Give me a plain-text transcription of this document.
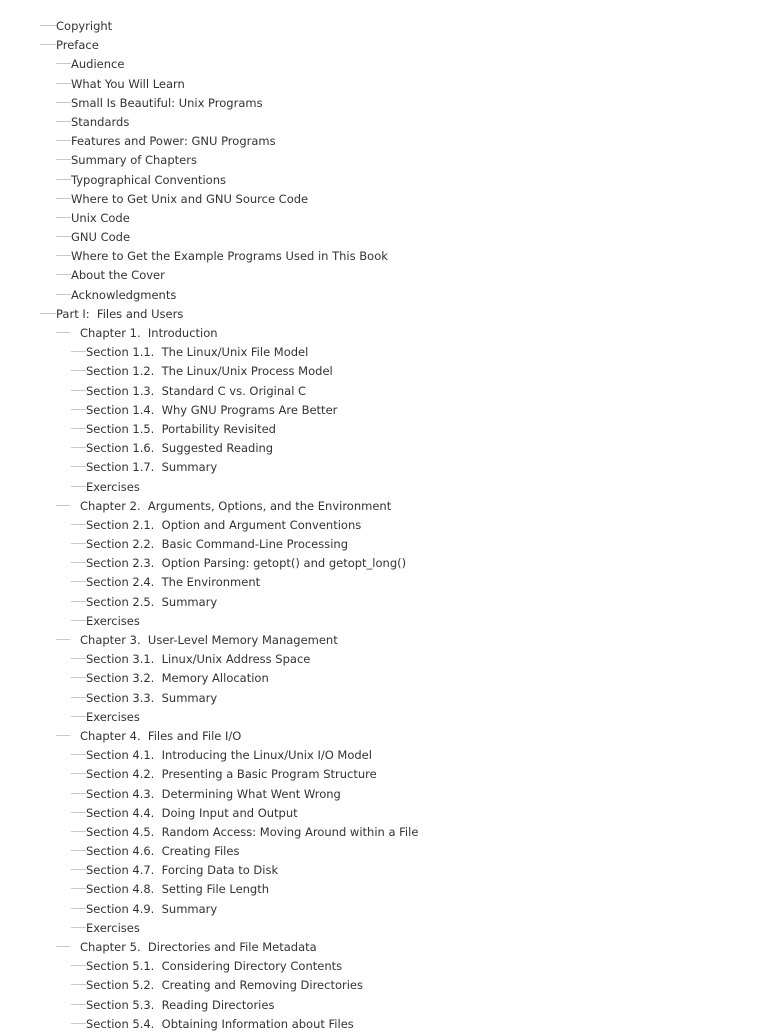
Copyright
Preface
Audience
What You Will Learn
Small Is Beautiful: Unix Programs
Standards
Features and Power: GNU Programs
Summary of Chapters
Typographical Conventions
Where to Get Unix and GNU Source Code
Unix Code
GNU Code
Where to Get the Example Programs Used in This Book
About the Cover
Acknowledgments
Part I:  Files and Users
Chapter 1.  Introduction
Section 1.1.  The Linux/Unix File Model
Section 1.2.  The Linux/Unix Process Model
Section 1.3.  Standard C vs. Original C
Section 1.4.  Why GNU Programs Are Better
Section 1.5.  Portability Revisited
Section 1.6.  Suggested Reading
Section 1.7.  Summary
Exercises
Chapter 2.  Arguments, Options, and the Environment
Section 2.1.  Option and Argument Conventions
Section 2.2.  Basic Command-Line Processing
Section 2.3.  Option Parsing: getopt() and getopt_long()
Section 2.4.  The Environment
Section 2.5.  Summary
Exercises
Chapter 3.  User-Level Memory Management
Section 3.1.  Linux/Unix Address Space
Section 3.2.  Memory Allocation
Section 3.3.  Summary
Exercises
Chapter 4.  Files and File I/O
Section 4.1.  Introducing the Linux/Unix I/O Model
Section 4.2.  Presenting a Basic Program Structure
Section 4.3.  Determining What Went Wrong
Section 4.4.  Doing Input and Output
Section 4.5.  Random Access: Moving Around within a File
Section 4.6.  Creating Files
Section 4.7.  Forcing Data to Disk
Section 4.8.  Setting File Length
Section 4.9.  Summary
Exercises
Chapter 5.  Directories and File Metadata
Section 5.1.  Considering Directory Contents
Section 5.2.  Creating and Removing Directories
Section 5.3.  Reading Directories
Section 5.4.  Obtaining Information about Files
